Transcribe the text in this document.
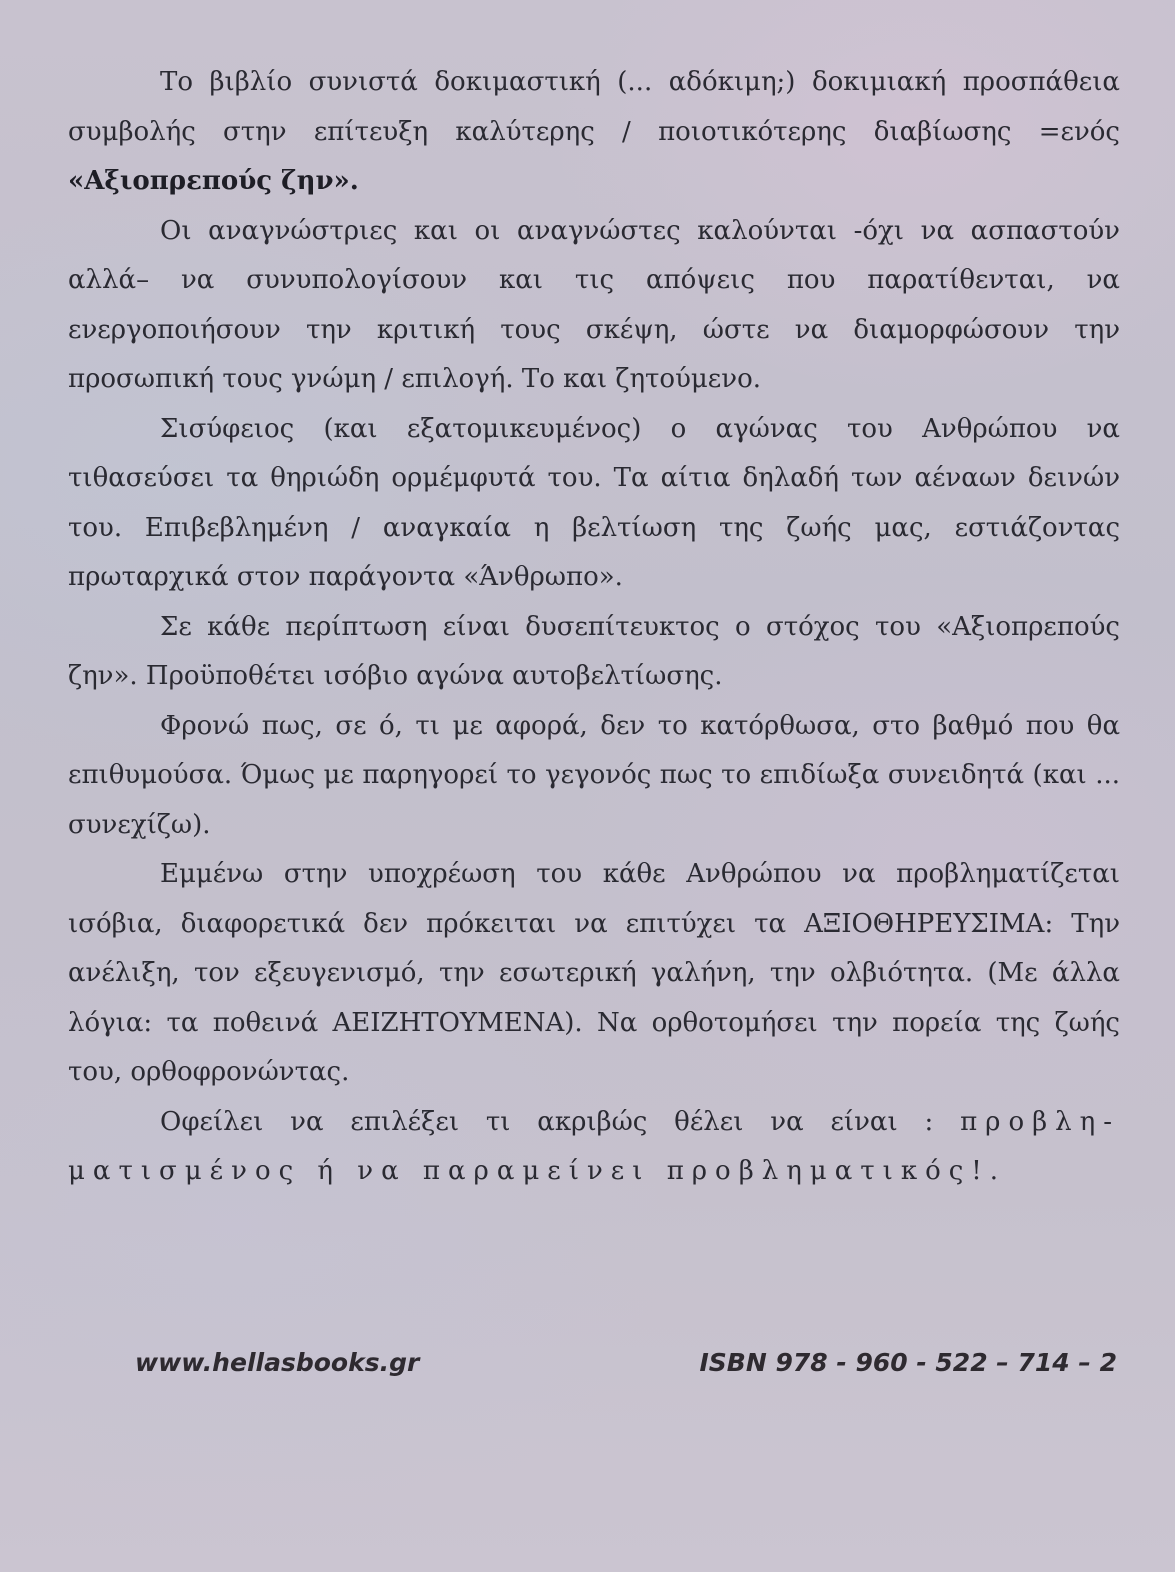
Το βιβλίο συνιστά δοκιμαστική (... αδόκιμη;) δοκιμιακή προσπάθεια συμβολής στην επίτευξη καλύτερης / ποιοτικότερης διαβίωσης =ενός «Αξιοπρεπούς ζην».

Οι αναγνώστριες και οι αναγνώστες καλούνται -όχι να ασπαστούν αλλά– να συνυπολογίσουν και τις απόψεις που παρατίθενται, να ενεργοποιήσουν την κριτική τους σκέψη, ώστε να διαμορφώσουν την προσωπική τους γνώμη / επιλογή. Το και ζητούμενο.

Σισύφειος (και εξατομικευμένος) ο αγώνας του Ανθρώπου να τιθασεύσει τα θηριώδη ορμέμφυτά του. Τα αίτια δηλαδή των αέναων δεινών του. Επιβεβλημένη / αναγκαία η βελτίωση της ζωής μας, εστιάζοντας πρωταρχικά στον παράγοντα «Άνθρωπο».

Σε κάθε περίπτωση είναι δυσεπίτευκτος ο στόχος του «Αξιοπρεπούς ζην». Προϋποθέτει ισόβιο αγώνα αυτοβελτίωσης.

Φρονώ πως, σε ό, τι με αφορά, δεν το κατόρθωσα, στο βαθμό που θα επιθυμούσα. Όμως με παρηγορεί το γεγονός πως το επιδίωξα συνειδητά (και ... συνεχίζω).

Εμμένω στην υποχρέωση του κάθε Ανθρώπου να προβληματίζεται ισόβια, διαφορετικά δεν πρόκειται να επιτύχει τα ΑΞΙΟΘΗΡΕΥΣΙΜΑ: Την ανέλιξη, τον εξευγενισμό, την εσωτερική γαλήνη, την ολβιότητα. (Με άλλα λόγια: τα ποθεινά ΑΕΙΖΗΤΟΥΜΕΝΑ). Να ορθοτομήσει την πορεία της ζωής του, ορθοφρονώντας.

Οφείλει να επιλέξει τι ακριβώς θέλει να είναι : προβλη- ματισμένος ή να παραμείνει προβληματικός!.

www.hellasbooks.gr	ISBN 978 - 960 - 522 – 714 – 2
